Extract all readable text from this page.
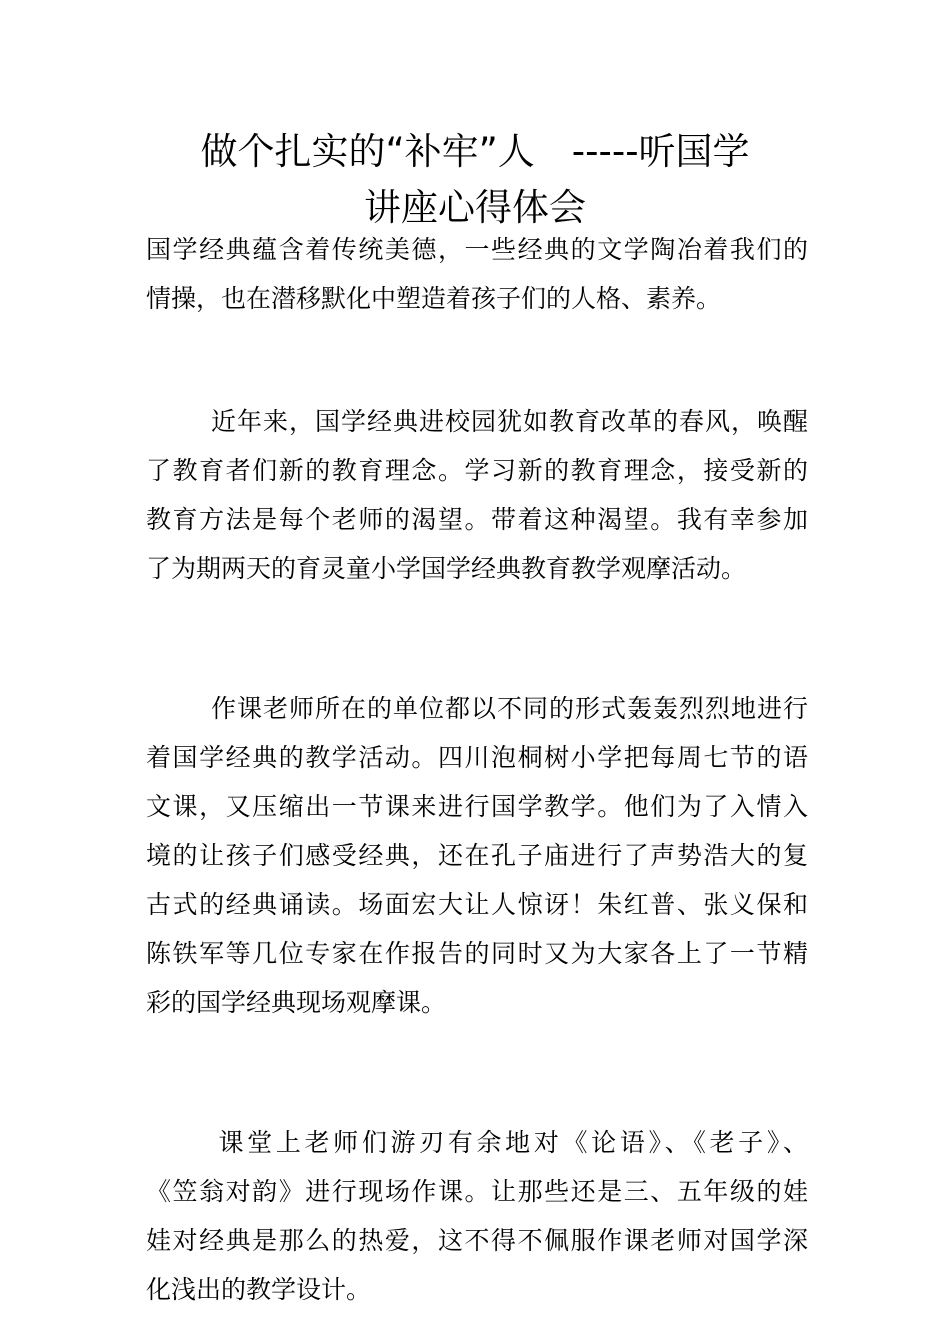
做个扎实的“补牢”人　-----听国学
讲座心得体会

国学经典蕴含着传统美德，一些经典的文学陶冶着我们的
情操，也在潜移默化中塑造着孩子们的人格、素养。

近年来，国学经典进校园犹如教育改革的春风，唤醒
了教育者们新的教育理念。学习新的教育理念，接受新的
教育方法是每个老师的渴望。带着这种渴望。我有幸参加
了为期两天的育灵童小学国学经典教育教学观摩活动。

作课老师所在的单位都以不同的形式轰轰烈烈地进行
着国学经典的教学活动。四川泡桐树小学把每周七节的语
文课，又压缩出一节课来进行国学教学。他们为了入情入
境的让孩子们感受经典，还在孔子庙进行了声势浩大的复
古式的经典诵读。场面宏大让人惊讶！朱红普、张义保和
陈铁军等几位专家在作报告的同时又为大家各上了一节精
彩的国学经典现场观摩课。

课堂上老师们游刃有余地对《论语》、《老子》、
《笠翁对韵》进行现场作课。让那些还是三、五年级的娃
娃对经典是那么的热爱，这不得不佩服作课老师对国学深
化浅出的教学设计。
